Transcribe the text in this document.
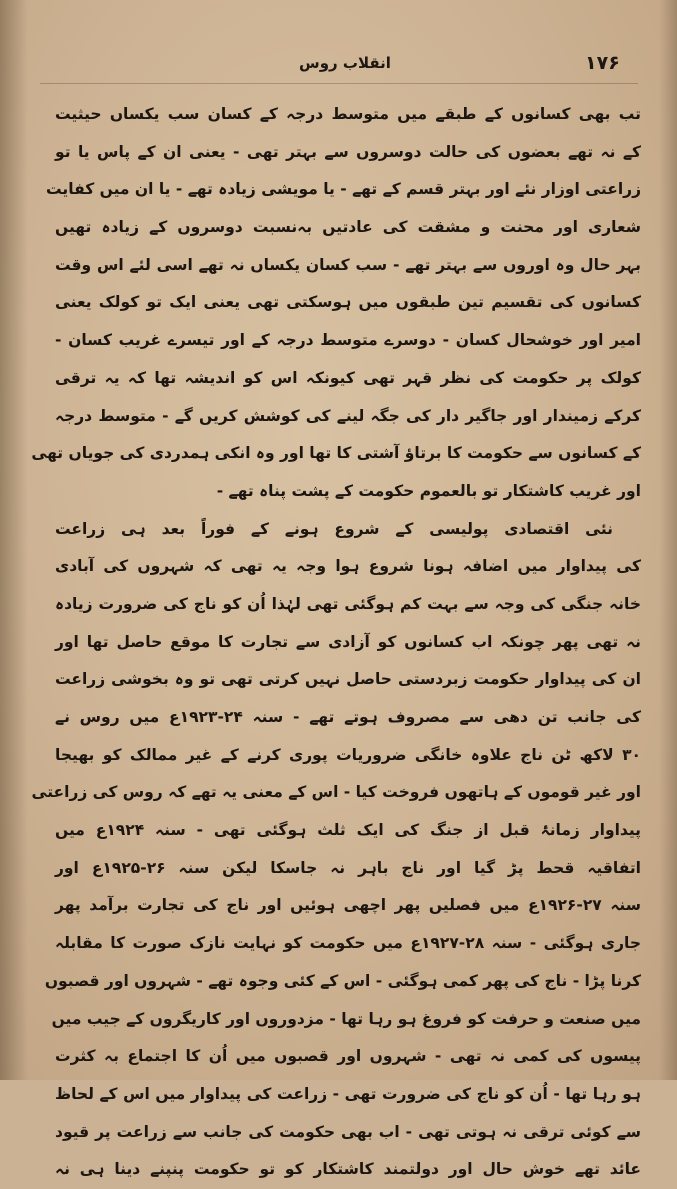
۱۷۶
انقلاب روس
تب بھی کسانوں کے طبقے میں متوسط درجہ کے کسان سب یکساں حیثیت
کے نہ تھے بعضوں کی حالت دوسروں سے بہتر تھی - یعنی ان کے پاس یا تو
زراعتی اوزار نئے اور بہتر قسم کے تھے - یا مویشی زیادہ تھے - یا ان میں کفایت
شعاری اور محنت و مشقت کی عادتیں بہ‌نسبت دوسروں کے زیادہ تھیں
بہر حال وہ اوروں سے بہتر تھے - سب کسان یکساں نہ تھے اسی لئے اس وقت
کسانوں کی تقسیم تین طبقوں میں ہوسکتی تھی یعنی ایک تو کولک یعنی
امیر اور خوشحال کسان - دوسرے متوسط درجہ کے اور تیسرے غریب کسان -
کولک پر حکومت کی نظر قہر تھی کیونکہ اس کو اندیشہ تھا کہ یہ ترقی
کرکے زمیندار اور جاگیر دار کی جگہ لینے کی کوشش کریں گے - متوسط درجہ
کے کسانوں سے حکومت کا برتاؤ آشتی کا تھا اور وہ انکی ہمدردی کی جویاں تھی
اور غریب کاشتکار تو بالعموم حکومت کے پشت پناہ تھے -
نئی اقتصادی پولیسی کے شروع ہونے کے فوراً بعد ہی زراعت
کی پیداوار میں اضافہ ہونا شروع ہوا وجہ یہ تھی کہ شہروں کی آبادی
خانہ جنگی کی وجہ سے بہت کم ہوگئی تھی لہٰذا اُن کو ناج کی ضرورت زیادہ
نہ تھی پھر چونکہ اب کسانوں کو آزادی سے تجارت کا موقع حاصل تھا اور
ان کی پیداوار حکومت زبردستی حاصل نہیں کرتی تھی تو وہ بخوشی زراعت
کی جانب تن دھی سے مصروف ہوتے تھے - سنہ ۲۴-۱۹۲۳ع میں روس نے
۳۰ لاکھ ٹن ناج علاوہ خانگی ضروریات پوری کرنے کے غیر ممالک کو بھیجا
اور غیر قوموں کے ہاتھوں فروخت کیا - اس کے معنی یہ تھے کہ روس کی زراعتی
پیداوار زمانۂ قبل از جنگ کی ایک ثلث ہوگئی تھی - سنہ ۱۹۲۴ع میں
اتفاقیہ قحط پڑ گیا اور ناج باہر نہ جاسکا لیکن سنہ ۲۶-۱۹۲۵ع اور
سنہ ۲۷-۱۹۲۶ع میں فصلیں پھر اچھی ہوئیں اور ناج کی تجارت برآمد پھر
جاری ہوگئی - سنہ ۲۸-۱۹۲۷ع میں حکومت کو نہایت نازک صورت کا مقابلہ
کرنا پڑا - ناج کی پھر کمی ہوگئی - اس کے کئی وجوہ تھے - شہروں اور قصبوں
میں صنعت و حرفت کو فروغ ہو رہا تھا - مزدوروں اور کاریگروں کے جیب میں
پیسوں کی کمی نہ تھی - شہروں اور قصبوں میں اُن کا اجتماع بہ کثرت
ہو رہا تھا - اُن کو ناج کی ضرورت تھی - زراعت کی پیداوار میں اس کے لحاظ
سے کوئی ترقی نہ ہوتی تھی - اب بھی حکومت کی جانب سے زراعت پر قیود
عائد تھے خوش حال اور دولتمند کاشتکار کو تو حکومت پنپنے دینا ہی نہ
